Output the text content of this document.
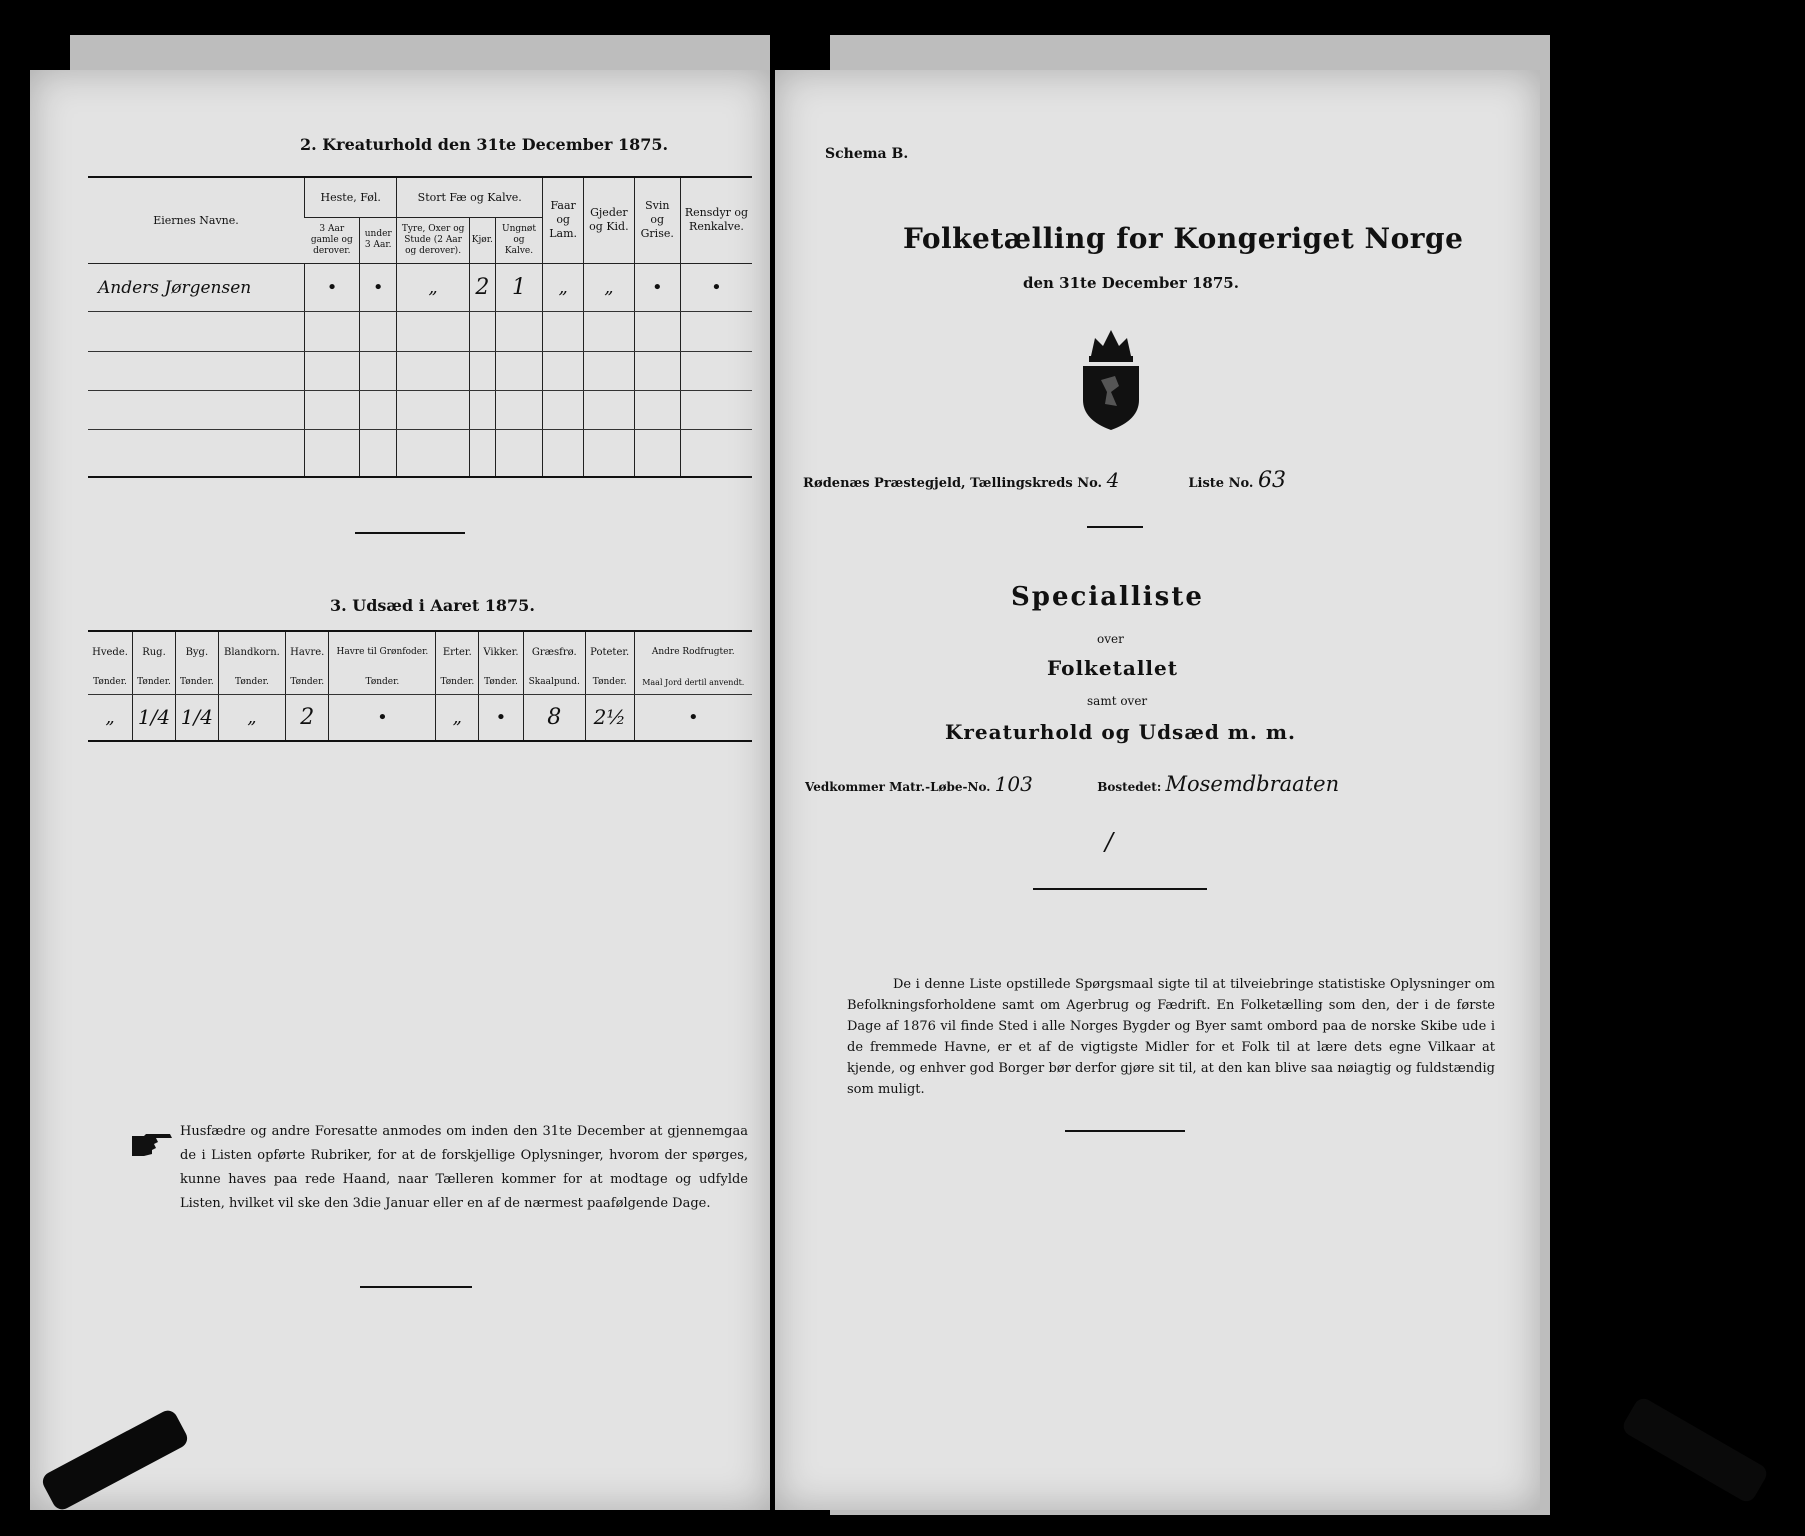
2. Kreaturhold den 31te December 1875.
Eiernes Navne.	Heste, Føl.		Stort Fæ og Kalve.			Faar og Lam.	Gjeder og Kid.	Svin og Grise.	Rensdyr og Renkalve.
	3 Aar gamle og derover.	under 3 Aar.	Tyre, Oxer og Stude (2 Aar og derover).	Kjør.	Ungnøt og Kalve.				
Anders Jørgensen	•	•	„	2	1	„	„	•	•

3. Udsæd i Aaret 1875.
Hvede.	Rug.	Byg.	Blandkorn.	Havre.	Havre til Grønfoder.	Erter.	Vikker.	Græsfrø.	Poteter.	Andre Rodfrugter.
Tønder.	Tønder.	Tønder.	Tønder.	Tønder.	Tønder.	Tønder.	Tønder.	Skaalpund.	Tønder.	Maal Jord dertil anvendt.
„	1/4	1/4	„	2	•	„	•	8	2½	•
Husfædre og andre Foresatte anmodes om inden den 31te December at gjennemgaa de i Listen opførte Rubriker, for at de forskjellige Oplysninger, hvorom der spørges, kunne haves paa rede Haand, naar Tælleren kommer for at modtage og udfylde Listen, hvilket vil ske den 3die Januar eller en af de nærmest paafølgende Dage.
Schema B.
Folketælling for Kongeriget Norge
den 31te December 1875.
Rødenæs Præstegjeld, Tællingskreds No. 4	Liste No. 63
Specialliste
over
Folketallet
samt over
Kreaturhold og Udsæd m. m.
Vedkommer Matr.-Løbe-No. 103	Bostedet: Mosemdbraaten
/
De i denne Liste opstillede Spørgsmaal sigte til at tilveiebringe statistiske Oplysninger om Befolkningsforholdene samt om Agerbrug og Fædrift. En Folketælling som den, der i de første Dage af 1876 vil finde Sted i alle Norges Bygder og Byer samt ombord paa de norske Skibe ude i de fremmede Havne, er et af de vigtigste Midler for et Folk til at lære dets egne Vilkaar at kjende, og enhver god Borger bør derfor gjøre sit til, at den kan blive saa nøiagtig og fuldstændig som muligt.
